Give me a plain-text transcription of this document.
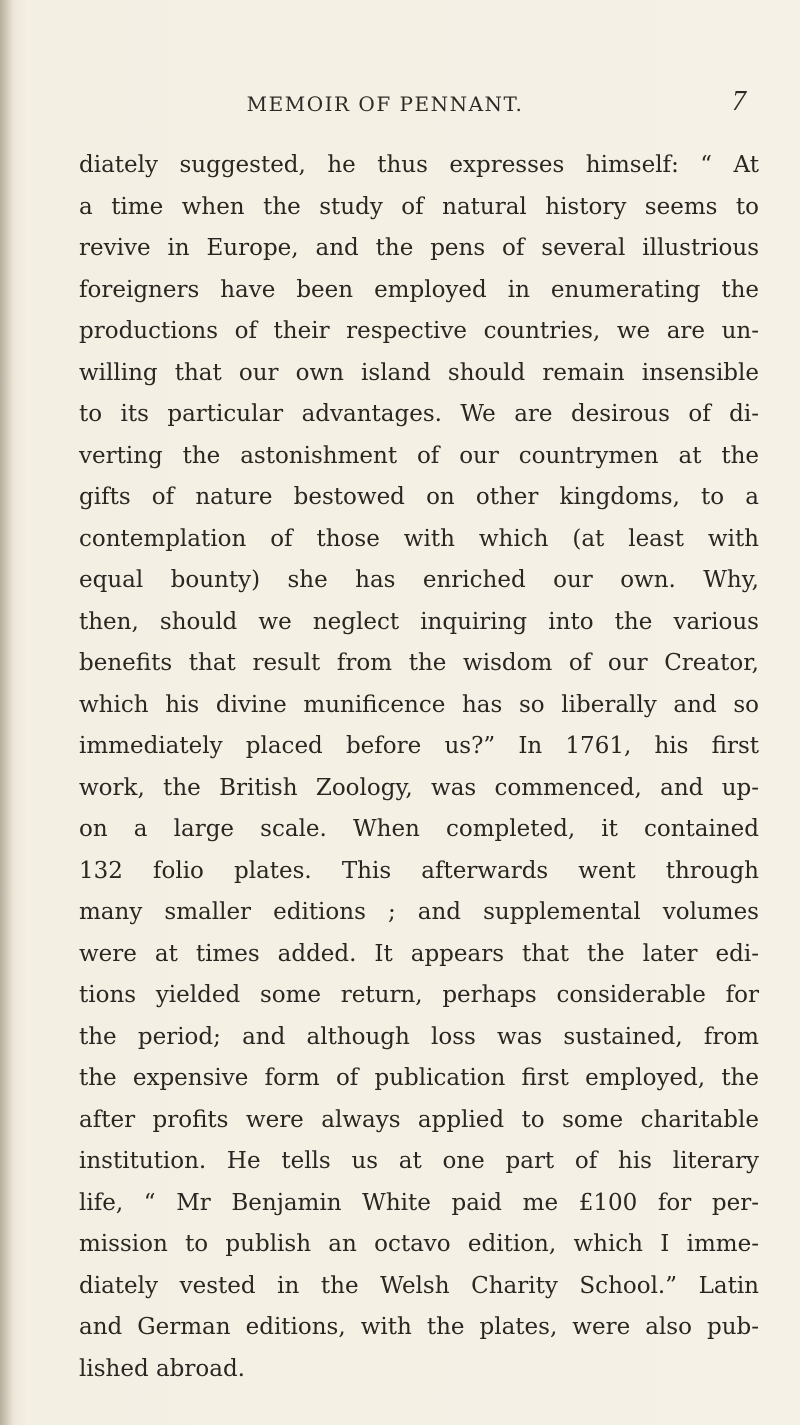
MEMOIR OF PENNANT.	7
diately suggested, he thus expresses himself: “ At
a time when the study of natural history seems to
revive in Europe, and the pens of several illustrious
foreigners have been employed in enumerating the
productions of their respective countries, we are un-
willing that our own island should remain insensible
to its particular advantages. We are desirous of di-
verting the astonishment of our countrymen at the
gifts of nature bestowed on other kingdoms, to a
contemplation of those with which (at least with
equal bounty) she has enriched our own. Why,
then, should we neglect inquiring into the various
benefits that result from the wisdom of our Creator,
which his divine munificence has so liberally and so
immediately placed before us?” In 1761, his first
work, the British Zoology, was commenced, and up-
on a large scale. When completed, it contained
132 folio plates. This afterwards went through
many smaller editions ; and supplemental volumes
were at times added. It appears that the later edi-
tions yielded some return, perhaps considerable for
the period; and although loss was sustained, from
the expensive form of publication first employed, the
after profits were always applied to some charitable
institution. He tells us at one part of his literary
life, “ Mr Benjamin White paid me £100 for per-
mission to publish an octavo edition, which I imme-
diately vested in the Welsh Charity School.” Latin
and German editions, with the plates, were also pub-
lished abroad.
